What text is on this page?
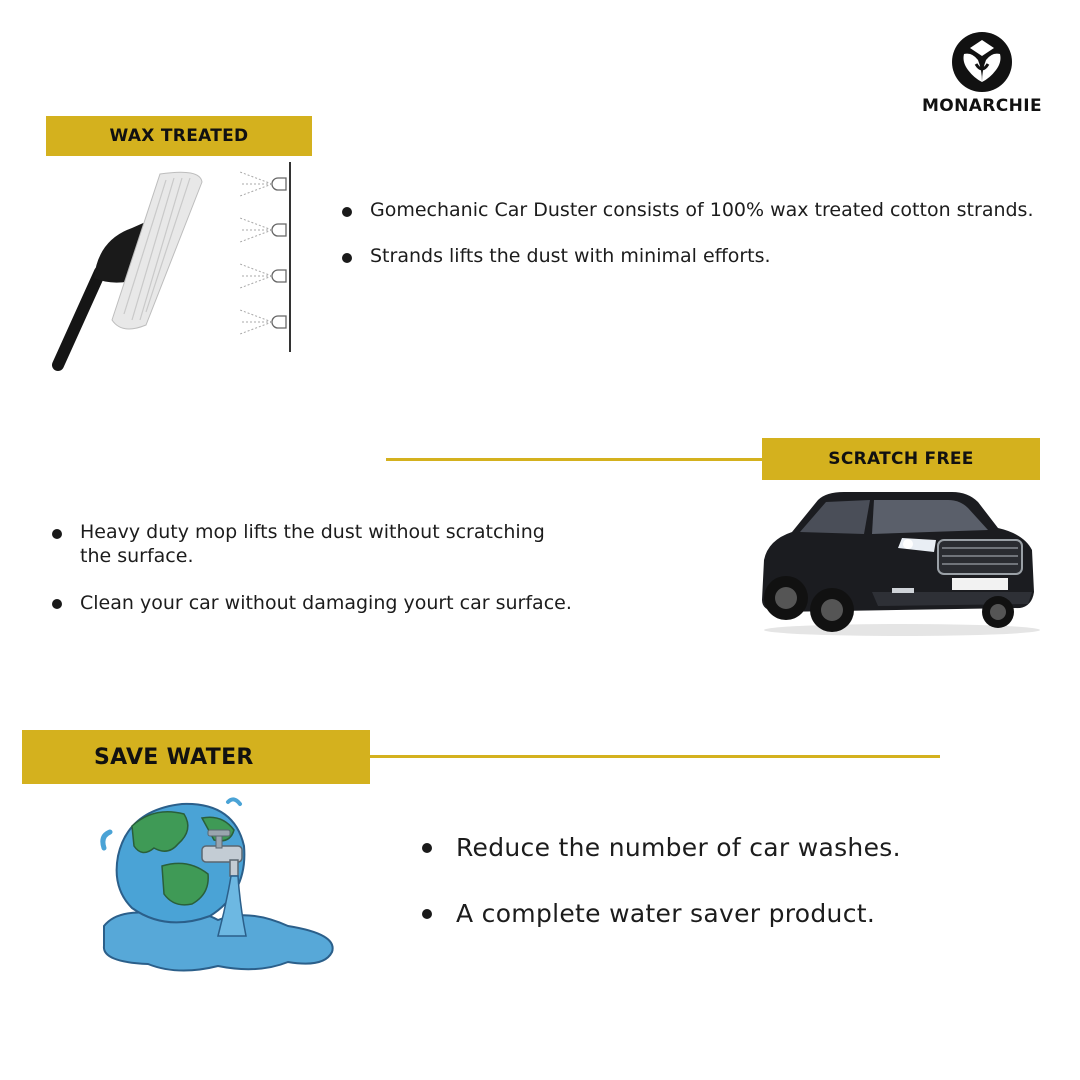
MONARCHIE
WAX TREATED
Gomechanic Car Duster consists of 100% wax treated cotton strands.
Strands lifts the dust with minimal efforts.
SCRATCH FREE
Heavy duty mop lifts the dust without scratching the surface.
Clean your car without damaging yourt car surface.
SAVE WATER
Reduce the number of car washes.
A complete water saver product.
